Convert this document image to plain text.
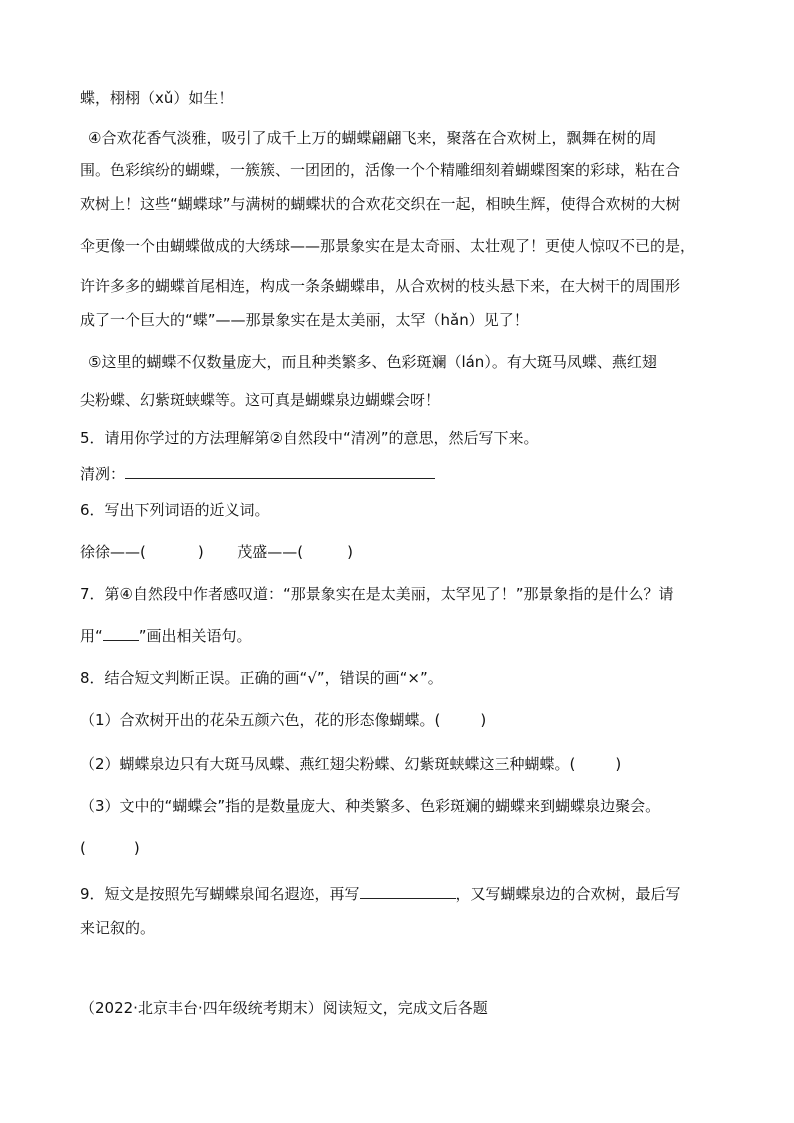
蝶，栩栩（xǔ）如生！
④合欢花香气淡雅，吸引了成千上万的蝴蝶翩翩飞来，聚落在合欢树上，飘舞在树的周
围。色彩缤纷的蝴蝶，一簇簇、一团团的，活像一个个精雕细刻着蝴蝶图案的彩球，粘在合
欢树上！这些“蝴蝶球”与满树的蝴蝶状的合欢花交织在一起，相映生辉，使得合欢树的大树
伞更像一个由蝴蝶做成的大绣球——那景象实在是太奇丽、太壮观了！更使人惊叹不已的是，
许许多多的蝴蝶首尾相连，构成一条条蝴蝶串，从合欢树的枝头悬下来，在大树干的周围形
成了一个巨大的“蝶”——那景象实在是太美丽，太罕（hǎn）见了！
⑤这里的蝴蝶不仅数量庞大，而且种类繁多、色彩斑斓（lán）。有大斑马凤蝶、燕红翅
尖粉蝶、幻紫斑蛱蝶等。这可真是蝴蝶泉边蝴蝶会呀！
5．请用你学过的方法理解第②自然段中“清冽”的意思，然后写下来。
清冽：
6．写出下列词语的近义词。
徐徐——(	) 茂盛——(	)
7．第④自然段中作者感叹道：“那景象实在是太美丽，太罕见了！”那景象指的是什么？请
用“ ”画出相关语句。
8．结合短文判断正误。正确的画“√”，错误的画“×”。
（1）合欢树开出的花朵五颜六色，花的形态像蝴蝶。(	)
（2）蝴蝶泉边只有大斑马凤蝶、燕红翅尖粉蝶、幻紫斑蛱蝶这三种蝴蝶。(	)
（3）文中的“蝴蝶会”指的是数量庞大、种类繁多、色彩斑斓的蝴蝶来到蝴蝶泉边聚会。
(	)
9．短文是按照先写蝴蝶泉闻名遐迩，再写	，又写蝴蝶泉边的合欢树，最后写
来记叙的。
（2022·北京丰台·四年级统考期末）阅读短文，完成文后各题
